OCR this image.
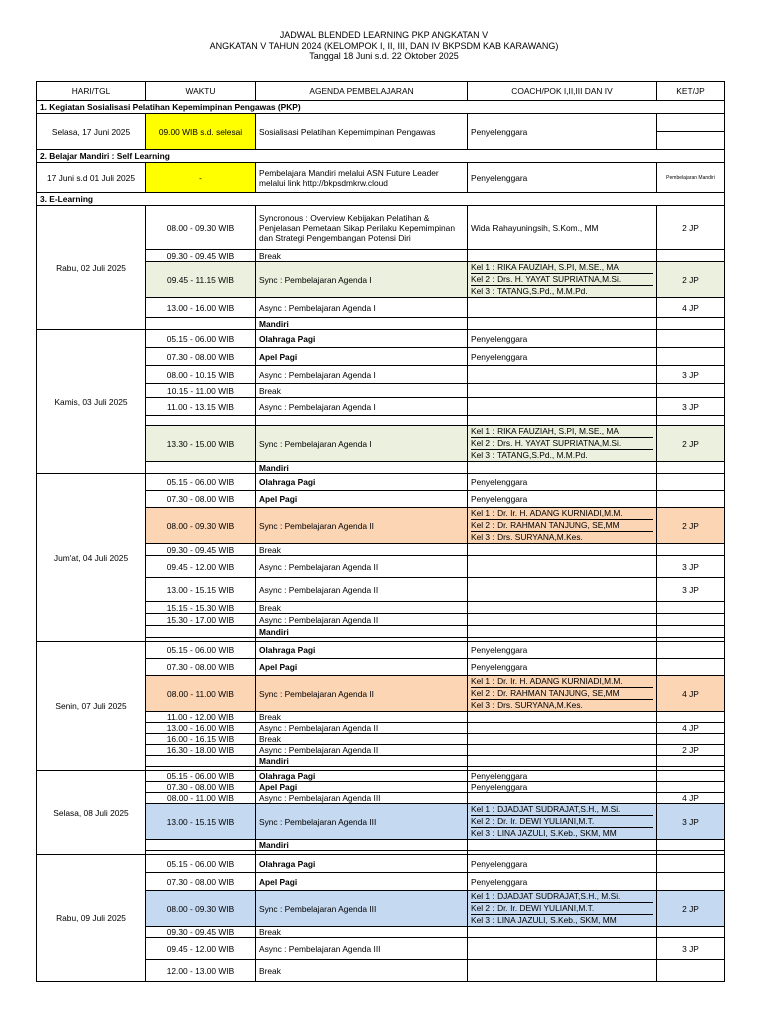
JADWAL BLENDED LEARNING PKP ANGKATAN V
ANGKATAN V TAHUN 2024 (KELOMPOK I, II, III, DAN IV BKPSDM KAB KARAWANG)
Tanggal 18 Juni s.d. 22 Oktober 2025
HARI/TGL	WAKTU	AGENDA PEMBELAJARAN	COACH/POK I,II,III DAN IV	KET/JP
1. Kegiatan Sosialisasi Pelatihan Kepemimpinan Pengawas (PKP)				
Selasa, 17 Juni 2025	09.00 WIB s.d. selesai	Sosialisasi Pelatihan Kepemimpinan Pengawas	Penyelenggara	

2. Belajar Mandiri : Self Learning				
17 Juni s.d 01 Juli 2025	-	Pembelajara Mandiri melalui ASN Future Leader melalui link http://bkpsdmkrw.cloud	Penyelenggara	Pembelajaran Mandiri
3. E-Learning				
Rabu, 02 Juli 2025	08.00 - 09.30 WIB	Syncronous : Overview Kebijakan Pelatihan & Penjelasan Pemetaan Sikap Perilaku Kepemimpinan dan Strategi Pengembangan Potensi Diri	Wida Rahayuningsih, S.Kom., MM	2 JP
	09.30 - 09.45 WIB	Break		
	09.45 - 11.15 WIB	Sync : Pembelajaran Agenda I	Kel 1 : RIKA FAUZIAH, S.PI, M.SE., MA
Kel 2 : Drs. H. YAYAT SUPRIATNA,M.Si.
Kel 3 : TATANG,S.Pd., M.M.Pd.	2 JP
	13.00 - 16.00 WIB	Async : Pembelajaran Agenda I		4 JP
		Mandiri		
Kamis, 03 Juli 2025	05.15 - 06.00 WIB	Olahraga Pagi	Penyelenggara	
	07.30 - 08.00 WIB	Apel Pagi	Penyelenggara	
	08.00 - 10.15 WIB	Async : Pembelajaran Agenda I		3 JP
	10.15 - 11.00 WIB	Break		
	11.00 - 13.15 WIB	Async : Pembelajaran Agenda I		3 JP

	13.30 - 15.00 WIB	Sync : Pembelajaran Agenda I	Kel 1 : RIKA FAUZIAH, S.PI, M.SE., MA
Kel 2 : Drs. H. YAYAT SUPRIATNA,M.Si.
Kel 3 : TATANG,S.Pd., M.M.Pd.	2 JP
		Mandiri		
Jum'at, 04 Juli 2025	05.15 - 06.00 WIB	Olahraga Pagi	Penyelenggara	
	07.30 - 08.00 WIB	Apel Pagi	Penyelenggara	
	08.00 - 09.30 WIB	Sync : Pembelajaran Agenda II	Kel 1 : Dr. Ir. H. ADANG KURNIADI,M.M.
Kel 2 : Dr. RAHMAN TANJUNG, SE,MM
Kel 3 : Drs. SURYANA,M.Kes.	2 JP
	09.30 - 09.45 WIB	Break		
	09.45 - 12.00 WIB	Async : Pembelajaran Agenda II		3 JP
	13.00 - 15.15 WIB	Async : Pembelajaran Agenda II		3 JP
	15.15 - 15.30 WIB	Break		
	15.30 - 17.00 WIB	Async : Pembelajaran Agenda II		
		Mandiri		

Senin, 07 Juli 2025	05.15 - 06.00 WIB	Olahraga Pagi	Penyelenggara	
	07.30 - 08.00 WIB	Apel Pagi	Penyelenggara	
	08.00 - 11.00 WIB	Sync : Pembelajaran Agenda II	Kel 1 : Dr. Ir. H. ADANG KURNIADI,M.M.
Kel 2 : Dr. RAHMAN TANJUNG, SE,MM
Kel 3 : Drs. SURYANA,M.Kes.	4 JP
	11.00 - 12.00 WIB	Break		
	13.00 - 16.00 WIB	Async : Pembelajaran Agenda II		4 JP
	16.00 - 16.15 WIB	Break		
	16.30 - 18.00 WIB	Async : Pembelajaran Agenda II		2 JP
		Mandiri		

Selasa, 08 Juli 2025	05.15 - 06.00 WIB	Olahraga Pagi	Penyelenggara	
	07.30 - 08.00 WIB	Apel Pagi	Penyelenggara	
	08.00 - 11.00 WIB	Async : Pembelajaran Agenda III		4 JP
	13.00 - 15.15 WIB	Sync : Pembelajaran Agenda III	Kel 1 : DJADJAT SUDRAJAT,S.H., M.Si.
Kel 2 : Dr. Ir. DEWI YULIANI,M.T.
Kel 3 : LINA JAZULI, S.Keb., SKM, MM	3 JP
		Mandiri		

Rabu, 09 Juli 2025	05.15 - 06.00 WIB	Olahraga Pagi	Penyelenggara	
	07.30 - 08.00 WIB	Apel Pagi	Penyelenggara	
	08.00 - 09.30 WIB	Sync : Pembelajaran Agenda III	Kel 1 : DJADJAT SUDRAJAT,S.H., M.Si.
Kel 2 : Dr. Ir. DEWI YULIANI,M.T.
Kel 3 : LINA JAZULI, S.Keb., SKM, MM	2 JP
	09.30 - 09.45 WIB	Break		
	09.45 - 12.00 WIB	Async : Pembelajaran Agenda III		3 JP
	12.00 - 13.00 WIB	Break		
